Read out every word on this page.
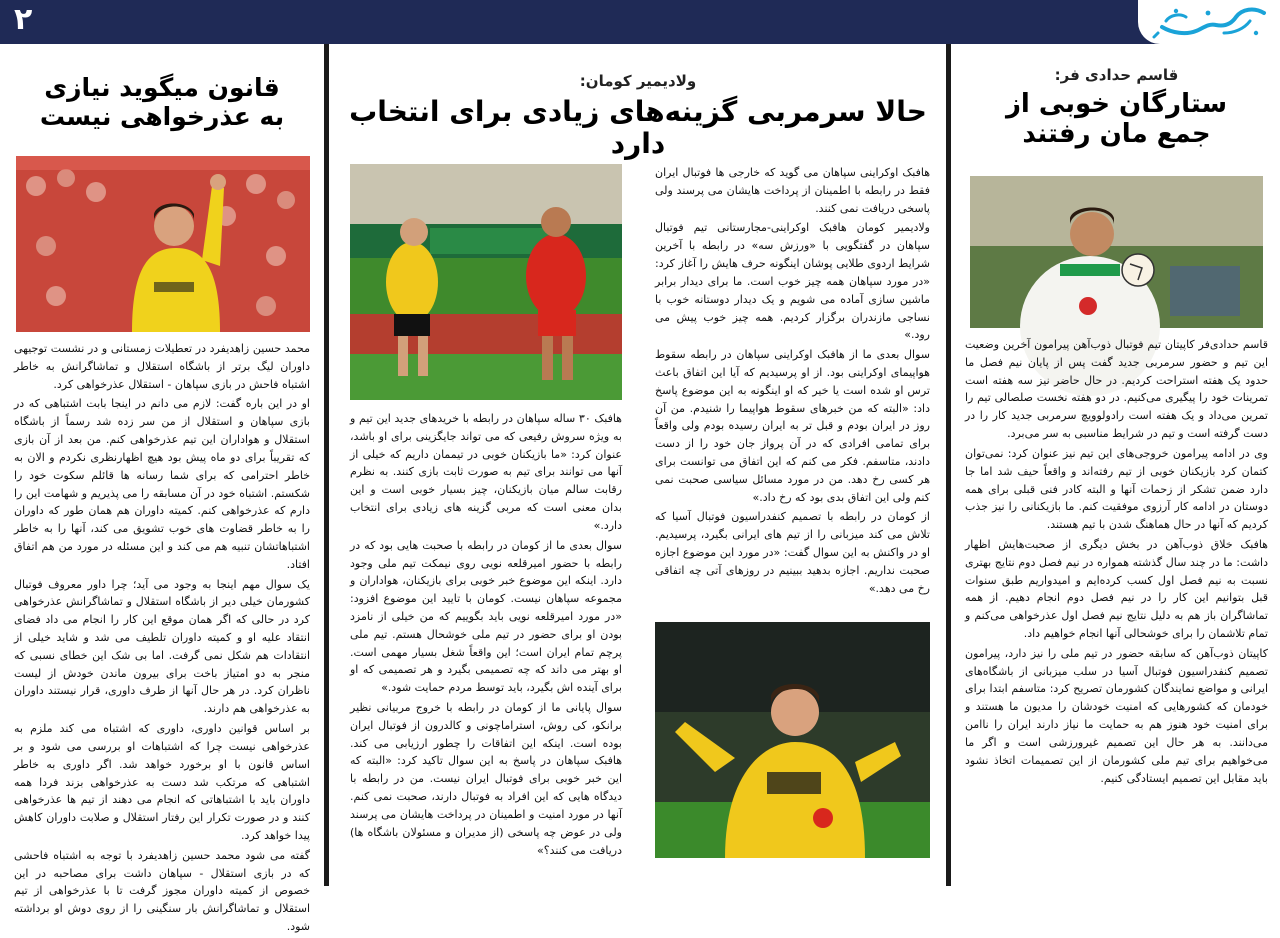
۲
قاسم حدادی فر:
ستارگان خوبی از
جمع مان رفتند

قاسم حدادی‌فر کاپیتان تیم فوتبال ذوب‌آهن پیرامون آخرین وضعیت این تیم و حضور سرمربی جدید گفت پس از پایان نیم فصل ما حدود یک هفته استراحت کردیم. در حال حاضر نیز سه هفته است تمرینات خود را پیگیری می‌کنیم. در دو هفته نخست صلصالی تیم را تمرین می‌داد و یک هفته است رادولوویچ سرمربی جدید کار را در دست گرفته است و تیم در شرایط مناسبی به سر می‌برد.

وی در ادامه پیرامون خروجی‌های این تیم نیز عنوان کرد: نمی‌توان کتمان کرد بازیکنان خوبی از تیم رفته‌اند و واقعاً حیف شد اما جا دارد ضمن تشکر از زحمات آنها و البته کادر فنی قبلی برای همه دوستان در ادامه کار آرزوی موفقیت کنم. ما بازیکنانی را نیز جذب کردیم که آنها در حال هماهنگ شدن با تیم هستند.

هافبک خلاق ذوب‌آهن در بخش دیگری از صحبت‌هایش اظهار داشت: ما در چند سال گذشته همواره در نیم فصل دوم نتایج بهتری نسبت به نیم فصل اول کسب کرده‌ایم و امیدواریم طبق سنوات قبل بتوانیم این کار را در نیم فصل دوم انجام دهیم. از همه تماشاگران باز هم به دلیل نتایج نیم فصل اول عذرخواهی می‌کنم و تمام تلاشمان را برای خوشحالی آنها انجام خواهیم داد.

کاپیتان ذوب‌آهن که سابقه حضور در تیم ملی را نیز دارد، پیرامون تصمیم کنفدراسیون فوتبال آسیا در سلب میزبانی از باشگاه‌های ایرانی و مواضع نمایندگان کشورمان تصریح کرد: متاسفم ابتدا برای خودمان که کشورهایی که امنیت خودشان را مدیون ما هستند و برای امنیت خود هنوز هم به حمایت ما نیاز دارند ایران را ناامن می‌دانند. به هر حال این تصمیم غیرورزشی است و اگر ما می‌خواهیم برای تیم ملی کشورمان از این تصمیمات اتخاذ نشود باید مقابل این تصمیم ایستادگی کنیم.

ولادیمیر کومان:
حالا سرمربی گزینه‌های زیادی برای انتخاب دارد

هافبک اوکراینی سپاهان می گوید که خارجی ها فوتبال ایران فقط در رابطه با اطمینان از پرداخت هایشان می پرسند ولی پاسخی دریافت نمی کنند.

ولادیمیر کومان هافبک اوکراینی-مجارستانی تیم فوتبال سپاهان در گفتگویی با «ورزش سه» در رابطه با آخرین شرایط اردوی طلایی پوشان اینگونه حرف هایش را آغاز کرد: «در مورد سپاهان همه چیز خوب است. ما برای دیدار برابر ماشین سازی آماده می شویم و یک دیدار دوستانه خوب با نساجی مازندران برگزار کردیم. همه چیز خوب پیش می رود.»

سوال بعدی ما از هافبک اوکراینی سپاهان در رابطه سقوط هواپیمای اوکراینی بود. از او پرسیدیم که آیا این اتفاق باعث ترس او شده است یا خیر که او اینگونه به این موضوع پاسخ داد: «البته که من خبرهای سقوط هواپیما را شنیدم. من آن روز در ایران بودم و قبل تر به ایران رسیده بودم ولی واقعاً برای تمامی افرادی که در آن پرواز جان خود را از دست دادند، متاسفم. فکر می کنم که این اتفاق می توانست برای هر کسی رخ دهد. من در مورد مسائل سیاسی صحبت نمی کنم ولی این اتفاق بدی بود که رخ داد.»

از کومان در رابطه با تصمیم کنفدراسیون فوتبال آسیا که تلاش می کند میزبانی را از تیم های ایرانی بگیرد، پرسیدیم. او در واکنش به این سوال گفت: «در مورد این موضوع اجازه صحبت نداریم. اجازه بدهید ببینیم در روزهای آتی چه اتفاقی رخ می دهد.»

هافبک ۳۰ ساله سپاهان در رابطه با خریدهای جدید این تیم و به ویژه سروش رفیعی که می تواند جایگزینی برای او باشد، عنوان کرد: «ما بازیکنان خوبی در تیممان داریم که خیلی از آنها می توانند برای تیم به صورت ثابت بازی کنند. به نظرم رقابت سالم میان بازیکنان، چیز بسیار خوبی است و این بدان معنی است که مربی گزینه های زیادی برای انتخاب دارد.»

سوال بعدی ما از کومان در رابطه با صحبت هایی بود که در رابطه با حضور امیرقلعه نویی روی نیمکت تیم ملی وجود دارد. اینکه این موضوع خبر خوبی برای بازیکنان، هواداران و مجموعه سپاهان نیست. کومان با تایید این موضوع افزود: «در مورد امیرقلعه نویی باید بگوییم که من خیلی از نامزد بودن او برای حضور در تیم ملی خوشحال هستم. تیم ملی پرچم تمام ایران است؛ این واقعاً شغل بسیار مهمی است. او بهتر می داند که چه تصمیمی بگیرد و هر تصمیمی که او برای آینده اش بگیرد، باید توسط مردم حمایت شود.»

سوال پایانی ما از کومان در رابطه با خروج مربیانی نظیر برانکو، کی روش، استراماچونی و کالدرون از فوتبال ایران بوده است. اینکه این اتفاقات را چطور ارزیابی می کند. هافبک سپاهان در پاسخ به این سوال تاکید کرد: «البته که این خبر خوبی برای فوتبال ایران نیست. من در رابطه با دیدگاه هایی که این افراد به فوتبال دارند، صحبت نمی کنم. آنها در مورد امنیت و اطمینان در پرداخت هایشان می پرسند ولی در عوض چه پاسخی (از مدیران و مسئولان باشگاه ها) دریافت می کنند؟»

قانون میگوید نیازی
به عذرخواهی نیست

محمد حسین زاهدیفرد در تعطیلات زمستانی و در نشست توجیهی داوران لیگ برتر از باشگاه استقلال و تماشاگرانش به خاطر اشتباه فاحش در بازی سپاهان - استقلال عذرخواهی کرد.

او در این باره گفت: لازم می دانم در اینجا بابت اشتباهی که در بازی سپاهان و استقلال از من سر زده شد رسماً از باشگاه استقلال و هواداران این تیم عذرخواهی کنم. من بعد از آن بازی که تقریباً برای دو ماه پیش بود هیچ اظهارنظری نکردم و الان به خاطر احترامی که برای شما رسانه ها قائلم سکوت خود را شکستم. اشتباه خود در آن مسابقه را می پذیریم و شهامت این را دارم که عذرخواهی کنم. کمیته داوران هم همان طور که داوران را به خاطر قضاوت های خوب تشویق می کند، آنها را به خاطر اشتباهاتشان تنبیه هم می کند و این مسئله در مورد من هم اتفاق افتاد.

یک سوال مهم اینجا به وجود می آید؛ چرا داور معروف فوتبال کشورمان خیلی دیر از باشگاه استقلال و تماشاگرانش عذرخواهی کرد در حالی که اگر همان موقع این کار را انجام می داد فضای انتقاد علیه او و کمیته داوران تلطیف می شد و شاید خیلی از انتقادات هم شکل نمی گرفت. اما بی شک این خطای نسبی که منجر به دو امتیاز باخت برای بیرون ماندن خودش از لیست ناظران کرد. در هر حال آنها از طرف داوری، قرار نیستند داوران به عذرخواهی هم دارند.

بر اساس قوانین داوری، داوری که اشتباه می کند ملزم به عذرخواهی نیست چرا که اشتباهات او بررسی می شود و بر اساس قانون با او برخورد خواهد شد. اگر داوری به خاطر اشتباهی که مرتکب شد دست به عذرخواهی بزند فردا همه داوران باید با اشتباهاتی که انجام می دهند از تیم ها عذرخواهی کنند و در صورت تکرار این رفتار استقلال و صلابت داوران کاهش پیدا خواهد کرد.

گفته می شود محمد حسین زاهدیفرد با توجه به اشتباه فاحشی که در بازی استقلال - سپاهان داشت برای مصاحبه در این خصوص از کمیته داوران مجوز گرفت تا با عذرخواهی از تیم استقلال و تماشاگرانش بار سنگینی را از روی دوش او برداشته شود.
